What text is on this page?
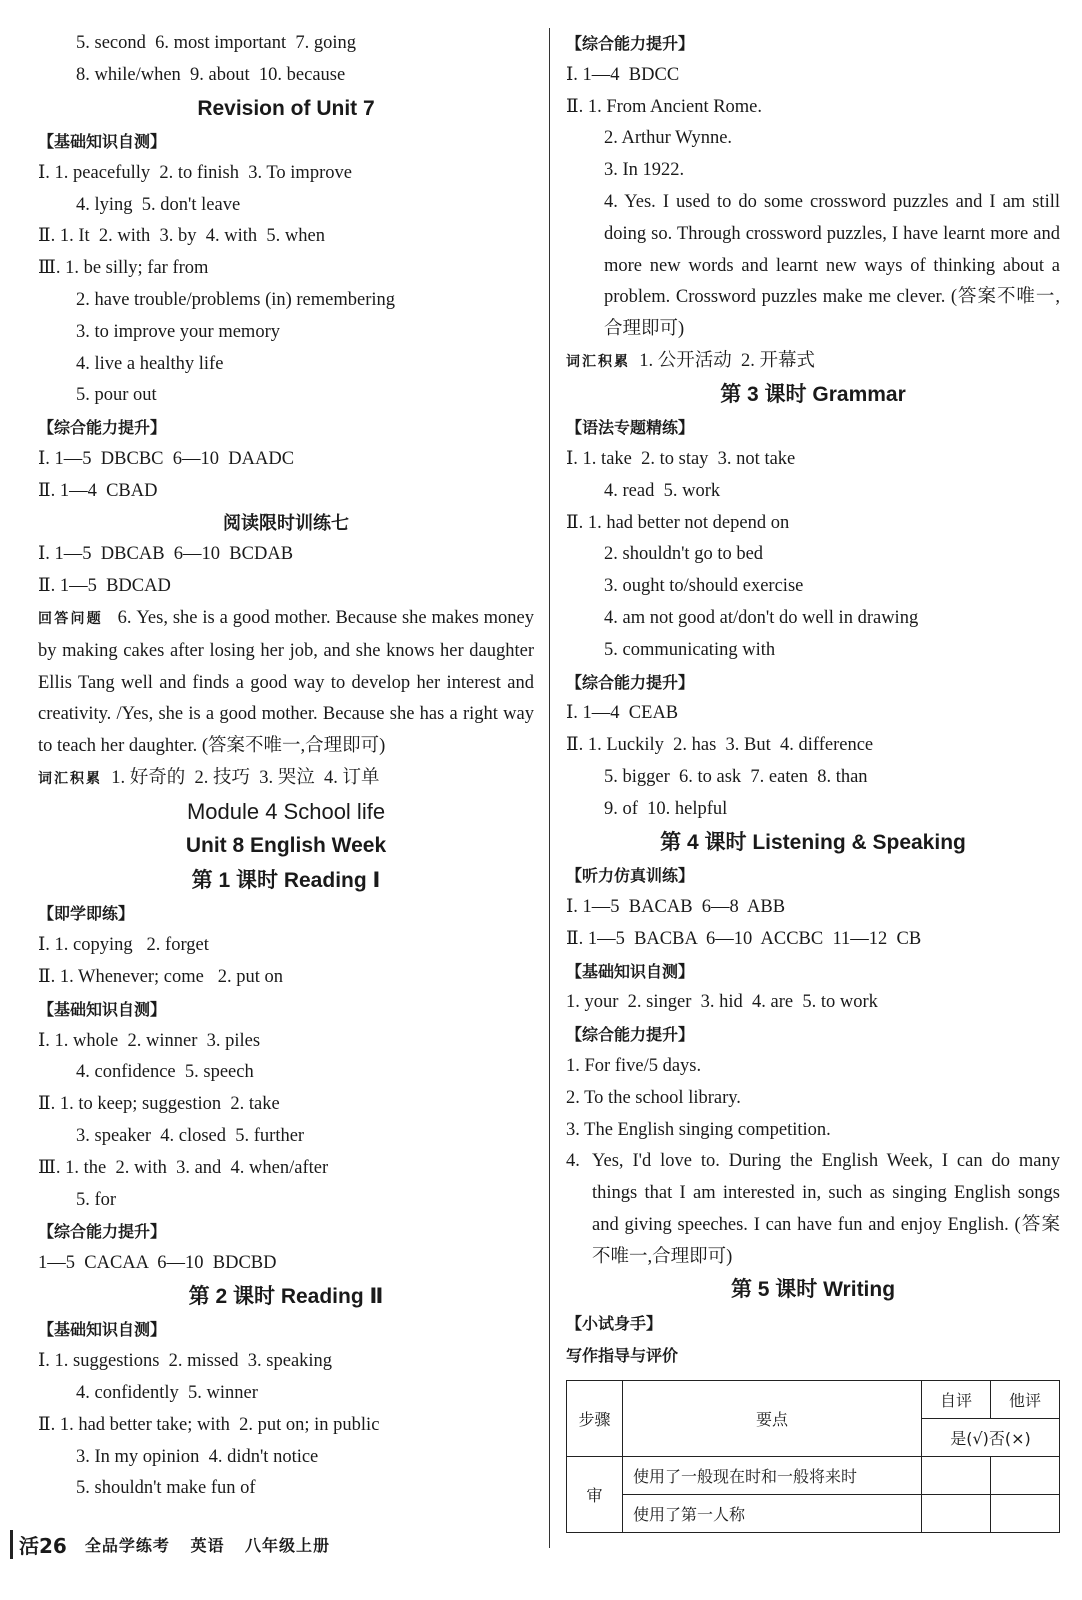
5. second  6. most important  7. going
8. while/when  9. about  10. because
Revision of Unit 7
【基础知识自测】
Ⅰ. 1. peacefully  2. to finish  3. To improve
4. lying  5. don't leave
Ⅱ. 1. It  2. with  3. by  4. with  5. when
Ⅲ. 1. be silly; far from
2. have trouble/problems (in) remembering
3. to improve your memory
4. live a healthy life
5. pour out
【综合能力提升】
Ⅰ. 1—5  DBCBC  6—10  DAADC
Ⅱ. 1—4  CBAD
阅读限时训练七
Ⅰ. 1—5  DBCAB  6—10  BCDAB
Ⅱ. 1—5  BDCAD
回答问题 6. Yes, she is a good mother. Because she makes money by making cakes after losing her job, and she knows her daughter Ellis Tang well and finds a good way to develop her interest and creativity. /Yes, she is a good mother. Because she has a right way to teach her daughter. (答案不唯一,合理即可)
词汇积累 1. 好奇的  2. 技巧  3. 哭泣  4. 订单
Module 4 School life
Unit 8 English Week
第 1 课时 Reading Ⅰ
【即学即练】
Ⅰ. 1. copying   2. forget
Ⅱ. 1. Whenever; come   2. put on
【基础知识自测】
Ⅰ. 1. whole  2. winner  3. piles
4. confidence  5. speech
Ⅱ. 1. to keep; suggestion  2. take
3. speaker  4. closed  5. further
Ⅲ. 1. the  2. with  3. and  4. when/after
5. for
【综合能力提升】
1—5  CACAA  6—10  BDCBD
第 2 课时 Reading Ⅱ
【基础知识自测】
Ⅰ. 1. suggestions  2. missed  3. speaking
4. confidently  5. winner
Ⅱ. 1. had better take; with  2. put on; in public
3. In my opinion  4. didn't notice
5. shouldn't make fun of
【综合能力提升】
Ⅰ. 1—4  BDCC
Ⅱ. 1. From Ancient Rome.
2. Arthur Wynne.
3. In 1922.
4. Yes. I used to do some crossword puzzles and I am still doing so. Through crossword puzzles, I have learnt more and more new words and learnt new ways of thinking about a problem. Crossword puzzles make me clever. (答案不唯一,合理即可)
词汇积累 1. 公开活动  2. 开幕式
第 3 课时 Grammar
【语法专题精练】
Ⅰ. 1. take  2. to stay  3. not take
4. read  5. work
Ⅱ. 1. had better not depend on
2. shouldn't go to bed
3. ought to/should exercise
4. am not good at/don't do well in drawing
5. communicating with
【综合能力提升】
Ⅰ. 1—4  CEAB
Ⅱ. 1. Luckily  2. has  3. But  4. difference
5. bigger  6. to ask  7. eaten  8. than
9. of  10. helpful
第 4 课时 Listening & Speaking
【听力仿真训练】
Ⅰ. 1—5  BACAB  6—8  ABB
Ⅱ. 1—5  BACBA  6—10  ACCBC  11—12  CB
【基础知识自测】
1. your  2. singer  3. hid  4. are  5. to work
【综合能力提升】
1. For five/5 days.
2. To the school library.
3. The English singing competition.
4. Yes, I'd love to. During the English Week, I can do many things that I am interested in, such as singing English songs and giving speeches. I can have fun and enjoy English. (答案不唯一,合理即可)
第 5 课时 Writing
【小试身手】
写作指导与评价
步骤	要点	自评	他评
		是(√)否(×)	
审	使用了一般现在时和一般将来时		
	使用了第一人称		
活26 全品学练考 英语 八年级上册
